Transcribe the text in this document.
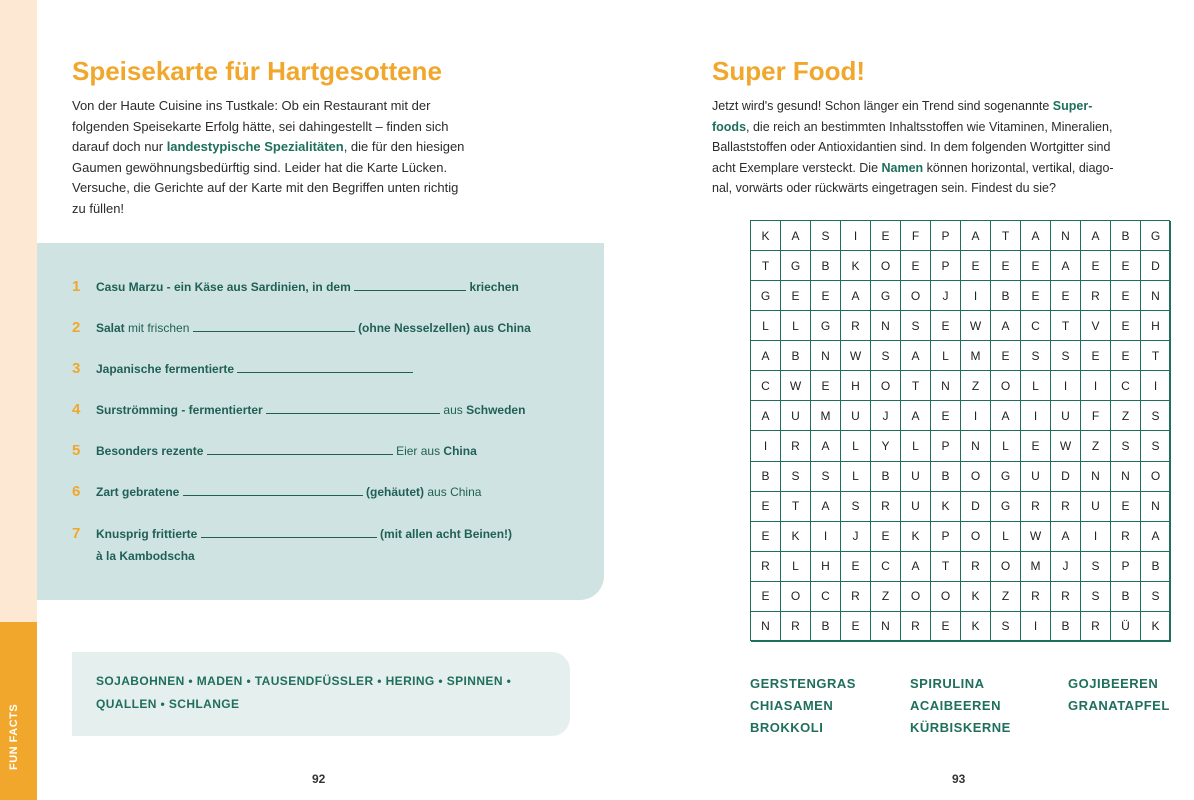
FUN FACTS
Speisekarte für Hartgesottene
Von der Haute Cuisine ins Tustkale: Ob ein Restaurant mit der
folgenden Speisekarte Erfolg hätte, sei dahingestellt – finden sich
darauf doch nur landestypische Spezialitäten, die für den hiesigen
Gaumen gewöhnungsbedürftig sind. Leider hat die Karte Lücken.
Versuche, die Gerichte auf der Karte mit den Begriffen unten richtig
zu füllen!
1 Casu Marzu - ein Käse aus Sardinien, in dem	kriechen
2 Salat mit frischen	(ohne Nesselzellen) aus China
3 Japanische fermentierte
4 Surströmming - fermentierter	aus Schweden
5 Besonders rezente	Eier aus China
6 Zart gebratene	(gehäutet) aus China
7 Knusprig frittierte	(mit allen acht Beinen!)
à la Kambodscha
SOJABOHNEN • MADEN • TAUSENDFÜSSLER • HERING • SPINNEN •
QUALLEN • SCHLANGE
92
Super Food!
Jetzt wird's gesund! Schon länger ein Trend sind sogenannte Super-
foods, die reich an bestimmten Inhaltsstoffen wie Vitaminen, Mineralien,
Ballaststoffen oder Antioxidantien sind. In dem folgenden Wortgitter sind
acht Exemplare versteckt. Die Namen können horizontal, vertikal, diago-
nal, vorwärts oder rückwärts eingetragen sein. Findest du sie?
K	A	S	I	E	F	P	A	T	A	N	A	B	G
T	G	B	K	O	E	P	E	E	E	A	E	E	D
G	E	E	A	G	O	J	I	B	E	E	R	E	N
L	L	G	R	N	S	E	W	A	C	T	V	E	H
A	B	N	W	S	A	L	M	E	S	S	E	E	T
C	W	E	H	O	T	N	Z	O	L	I	I	C	I
A	U	M	U	J	A	E	I	A	I	U	F	Z	S
I	R	A	L	Y	L	P	N	L	E	W	Z	S	S
B	S	S	L	B	U	B	O	G	U	D	N	N	O
E	T	A	S	R	U	K	D	G	R	R	U	E	N
E	K	I	J	E	K	P	O	L	W	A	I	R	A
R	L	H	E	C	A	T	R	O	M	J	S	P	B
E	O	C	R	Z	O	O	K	Z	R	R	S	B	S
N	R	B	E	N	R	E	K	S	I	B	R	Ü	K
GERSTENGRAS
CHIASAMEN
BROKKOLI
SPIRULINA
ACAIBEEREN
KÜRBISKERNE
GOJIBEEREN
GRANATAPFEL
93
